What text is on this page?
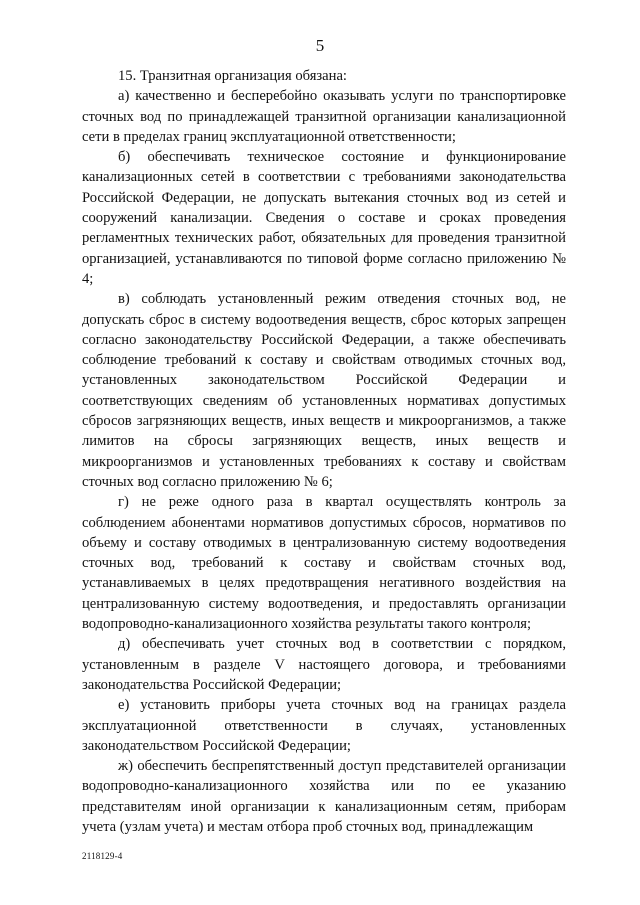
5

15. Транзитная организация обязана:

а) качественно и бесперебойно оказывать услуги по транспортировке сточных вод по принадлежащей транзитной организации канализационной сети в пределах границ эксплуатационной ответственности;

б) обеспечивать техническое состояние и функционирование канализационных сетей в соответствии с требованиями законодательства Российской Федерации, не допускать вытекания сточных вод из сетей и сооружений канализации. Сведения о составе и сроках проведения регламентных технических работ, обязательных для проведения транзитной организацией, устанавливаются по типовой форме согласно приложению № 4;

в) соблюдать установленный режим отведения сточных вод, не допускать сброс в систему водоотведения веществ, сброс которых запрещен согласно законодательству Российской Федерации, а также обеспечивать соблюдение требований к составу и свойствам отводимых сточных вод, установленных законодательством Российской Федерации и соответствующих сведениям об установленных нормативах допустимых сбросов загрязняющих веществ, иных веществ и микроорганизмов, а также лимитов на сбросы загрязняющих веществ, иных веществ и микроорганизмов и установленных требованиях к составу и свойствам сточных вод согласно приложению № 6;

г) не реже одного раза в квартал осуществлять контроль за соблюдением абонентами нормативов допустимых сбросов, нормативов по объему и составу отводимых в централизованную систему водоотведения сточных вод, требований к составу и свойствам сточных вод, устанавливаемых в целях предотвращения негативного воздействия на централизованную систему водоотведения, и предоставлять организации водопроводно-канализационного хозяйства результаты такого контроля;

д) обеспечивать учет сточных вод в соответствии с порядком, установленным в разделе V настоящего договора, и требованиями законодательства Российской Федерации;

е) установить приборы учета сточных вод на границах раздела эксплуатационной ответственности в случаях, установленных законодательством Российской Федерации;

ж) обеспечить беспрепятственный доступ представителей организации водопроводно-канализационного хозяйства или по ее указанию представителям иной организации к канализационным сетям, приборам учета (узлам учета) и местам отбора проб сточных вод, принадлежащим

2118129-4
